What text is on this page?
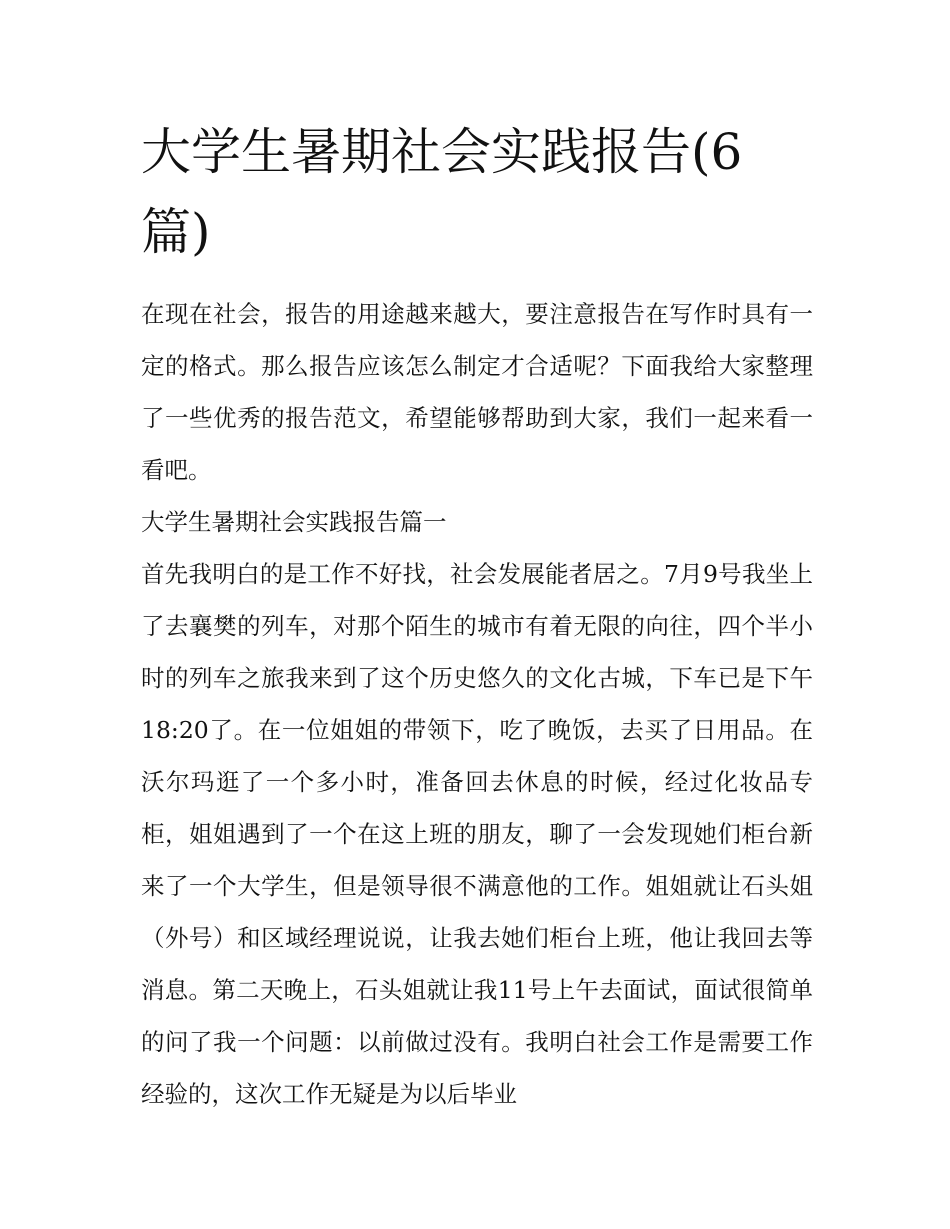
大学生暑期社会实践报告(6篇)

在现在社会，报告的用途越来越大，要注意报告在写作时具有一定的格式。那么报告应该怎么制定才合适呢？下面我给大家整理了一些优秀的报告范文，希望能够帮助到大家，我们一起来看一看吧。

大学生暑期社会实践报告篇一

首先我明白的是工作不好找，社会发展能者居之。7月9号我坐上了去襄樊的列车，对那个陌生的城市有着无限的向往，四个半小时的列车之旅我来到了这个历史悠久的文化古城，下车已是下午18:20了。在一位姐姐的带领下，吃了晚饭，去买了日用品。在沃尔玛逛了一个多小时，准备回去休息的时候，经过化妆品专柜，姐姐遇到了一个在这上班的朋友，聊了一会发现她们柜台新来了一个大学生，但是领导很不满意他的工作。姐姐就让石头姐（外号）和区域经理说说，让我去她们柜台上班，他让我回去等消息。第二天晚上，石头姐就让我11号上午去面试，面试很简单的问了我一个问题：以前做过没有。我明白社会工作是需要工作经验的，这次工作无疑是为以后毕业
